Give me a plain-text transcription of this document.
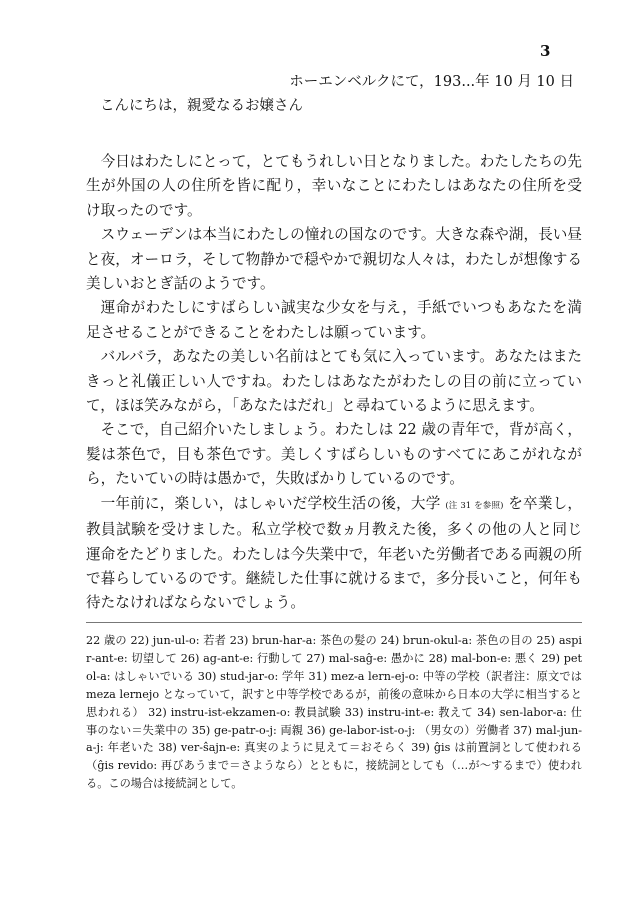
3
ホーエンベルクにて，193...年 10 月 10 日
こんにちは，親愛なるお嬢さん

今日はわたしにとって，とてもうれしい日となりました。わたしたちの先生が外国の人の住所を皆に配り，幸いなことにわたしはあなたの住所を受け取ったのです。

スウェーデンは本当にわたしの憧れの国なのです。大きな森や湖，長い昼と夜，オーロラ，そして物静かで穏やかで親切な人々は，わたしが想像する美しいおとぎ話のようです。

運命がわたしにすばらしい誠実な少女を与え，手紙でいつもあなたを満足させることができることをわたしは願っています。

バルバラ，あなたの美しい名前はとても気に入っています。あなたはまたきっと礼儀正しい人ですね。わたしはあなたがわたしの目の前に立っていて，ほほ笑みながら，「あなたはだれ」と尋ねているように思えます。

そこで，自己紹介いたしましょう。わたしは 22 歳の青年で，背が高く，髪は茶色で，目も茶色です。美しくすばらしいものすべてにあこがれながら，たいていの時は愚かで，失敗ばかりしているのです。

一年前に，楽しい，はしゃいだ学校生活の後，大学 (注 31 を参照) を卒業し，教員試験を受けました。私立学校で数ヵ月教えた後，多くの他の人と同じ運命をたどりました。わたしは今失業中で，年老いた労働者である両親の所で暮らしているのです。継続した仕事に就けるまで，多分長いこと，何年も待たなければならないでしょう。

22 歳の 22) jun-ul-o: 若者 23) brun-har-a: 茶色の髪の 24) brun-okul-a: 茶色の目の 25) aspir-ant-e: 切望して 26) ag-ant-e: 行動して 27) mal-saĝ-e: 愚かに 28) mal-bon-e: 悪く 29) petol-a: はしゃいでいる 30) stud-jar-o: 学年 31) mez-a lern-ej-o: 中等の学校（訳者注：原文では meza lernejo となっていて，訳すと中等学校であるが，前後の意味から日本の大学に相当すると思われる） 32) instru-ist-ekzamen-o: 教員試験 33) instru-int-e: 教えて 34) sen-labor-a: 仕事のない＝失業中の 35) ge-patr-o-j: 両親 36) ge-labor-ist-o-j: （男女の）労働者 37) mal-jun-a-j: 年老いた 38) ver-ŝajn-e: 真実のように見えて＝おそらく 39) ĝis は前置詞として使われる（ĝis revido: 再びあうまで＝さようなら）とともに，接続詞としても（…が～するまで）使われる。この場合は接続詞として。
